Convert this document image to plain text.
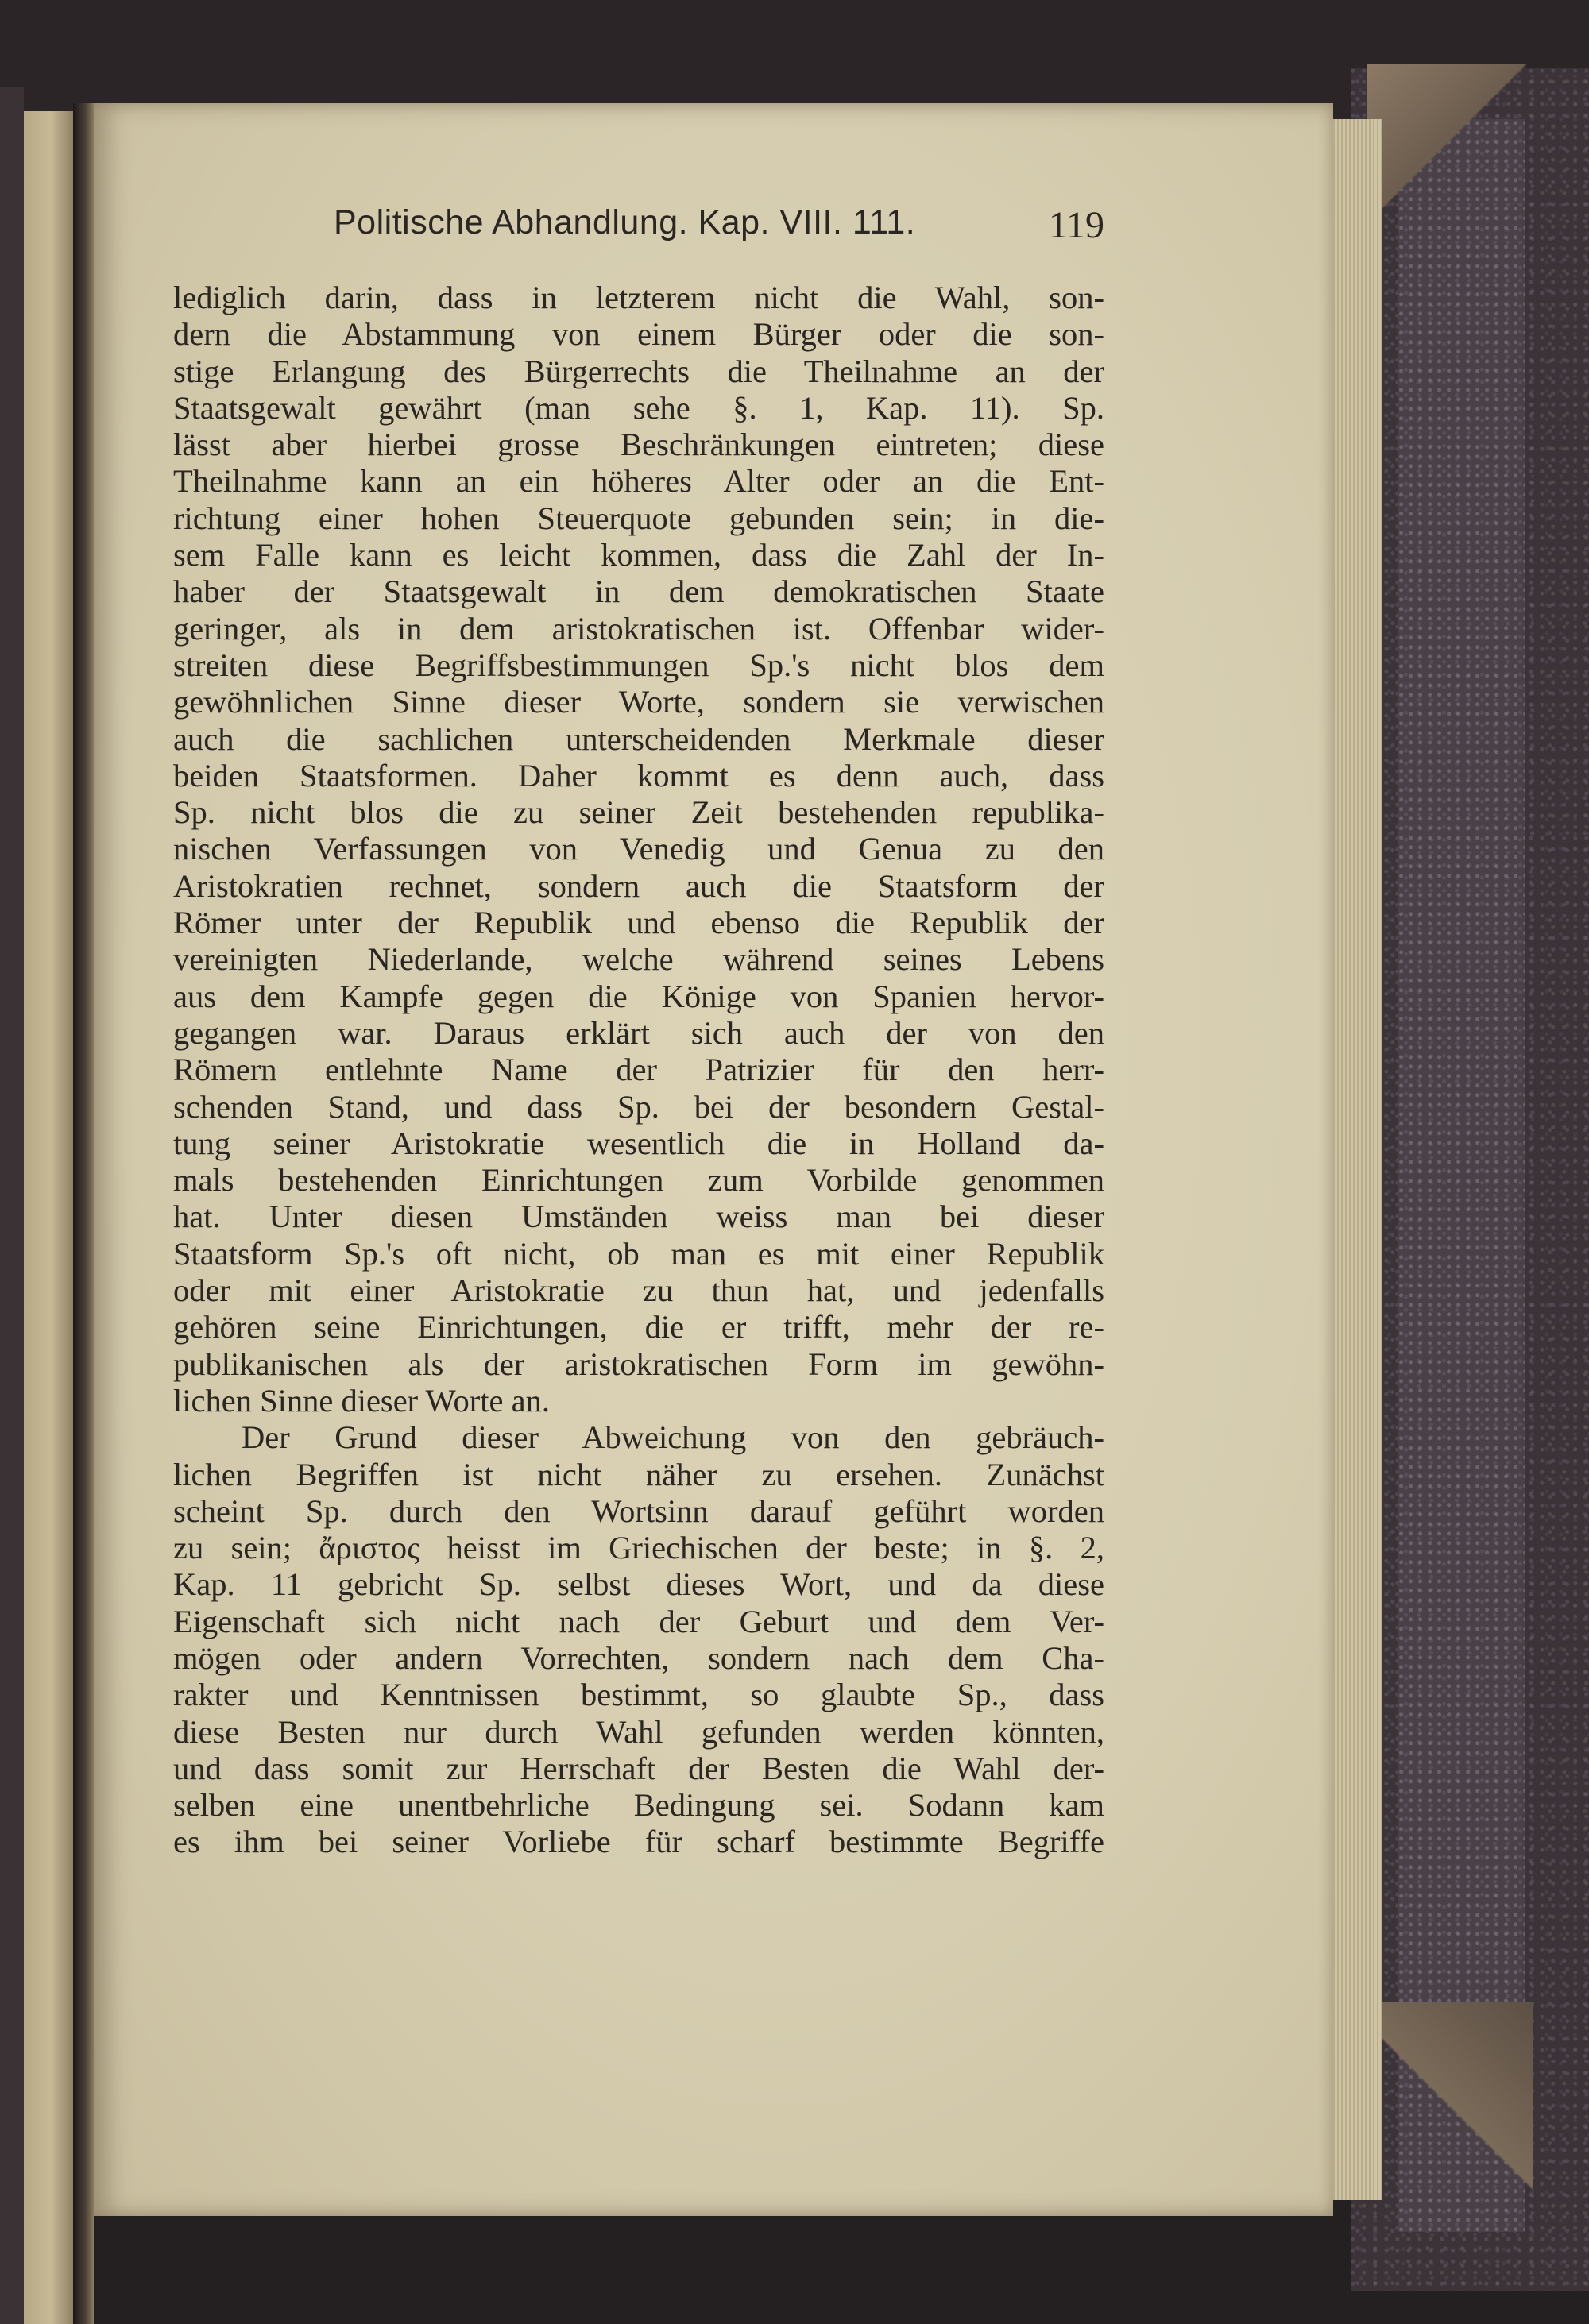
Politische Abhandlung. Kap. VIII. 111.	119
lediglich darin, dass in letzterem nicht die Wahl, son-
dern die Abstammung von einem Bürger oder die son-
stige Erlangung des Bürgerrechts die Theilnahme an der
Staatsgewalt gewährt (man sehe §. 1, Kap. 11). Sp.
lässt aber hierbei grosse Beschränkungen eintreten; diese
Theilnahme kann an ein höheres Alter oder an die Ent-
richtung einer hohen Steuerquote gebunden sein; in die-
sem Falle kann es leicht kommen, dass die Zahl der In-
haber der Staatsgewalt in dem demokratischen Staate
geringer, als in dem aristokratischen ist. Offenbar wider-
streiten diese Begriffsbestimmungen Sp.'s nicht blos dem
gewöhnlichen Sinne dieser Worte, sondern sie verwischen
auch die sachlichen unterscheidenden Merkmale dieser
beiden Staatsformen. Daher kommt es denn auch, dass
Sp. nicht blos die zu seiner Zeit bestehenden republika-
nischen Verfassungen von Venedig und Genua zu den
Aristokratien rechnet, sondern auch die Staatsform der
Römer unter der Republik und ebenso die Republik der
vereinigten Niederlande, welche während seines Lebens
aus dem Kampfe gegen die Könige von Spanien hervor-
gegangen war. Daraus erklärt sich auch der von den
Römern entlehnte Name der Patrizier für den herr-
schenden Stand, und dass Sp. bei der besondern Gestal-
tung seiner Aristokratie wesentlich die in Holland da-
mals bestehenden Einrichtungen zum Vorbilde genommen
hat. Unter diesen Umständen weiss man bei dieser
Staatsform Sp.'s oft nicht, ob man es mit einer Republik
oder mit einer Aristokratie zu thun hat, und jedenfalls
gehören seine Einrichtungen, die er trifft, mehr der re-
publikanischen als der aristokratischen Form im gewöhn-
lichen Sinne dieser Worte an.
Der Grund dieser Abweichung von den gebräuch-
lichen Begriffen ist nicht näher zu ersehen. Zunächst
scheint Sp. durch den Wortsinn darauf geführt worden
zu sein; ἄριστος heisst im Griechischen der beste; in §. 2,
Kap. 11 gebricht Sp. selbst dieses Wort, und da diese
Eigenschaft sich nicht nach der Geburt und dem Ver-
mögen oder andern Vorrechten, sondern nach dem Cha-
rakter und Kenntnissen bestimmt, so glaubte Sp., dass
diese Besten nur durch Wahl gefunden werden könnten,
und dass somit zur Herrschaft der Besten die Wahl der-
selben eine unentbehrliche Bedingung sei. Sodann kam
es ihm bei seiner Vorliebe für scharf bestimmte Begriffe
